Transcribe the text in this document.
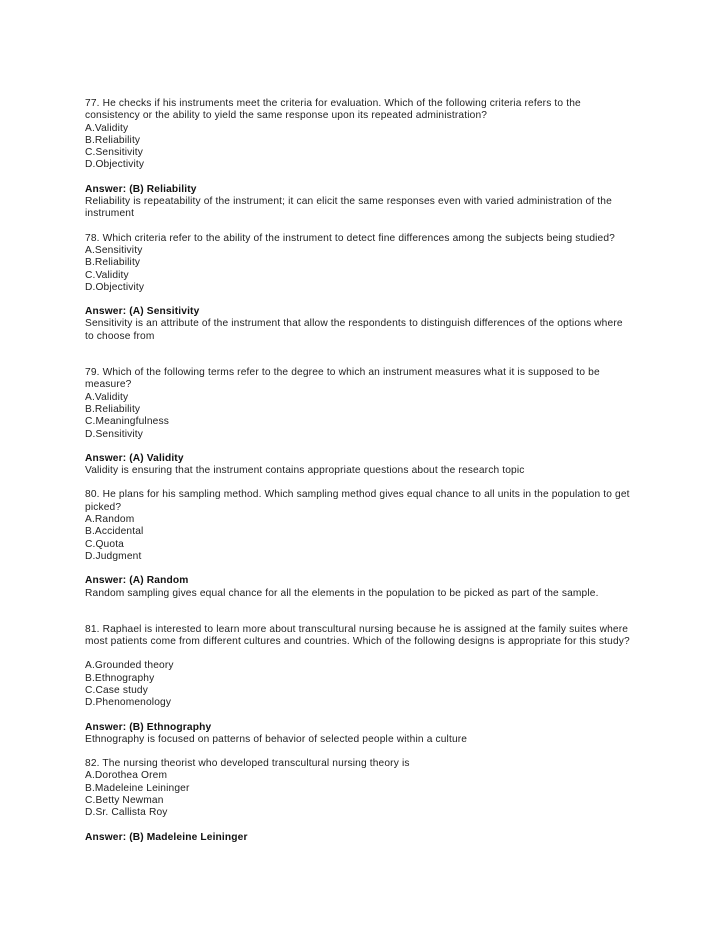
77. He checks if his instruments meet the criteria for evaluation. Which of the following criteria refers to the
consistency or the ability to yield the same response upon its repeated administration?
A.Validity
B.Reliability
C.Sensitivity
D.Objectivity
Answer: (B) Reliability
Reliability is repeatability of the instrument; it can elicit the same responses even with varied administration of the
instrument
78. Which criteria refer to the ability of the instrument to detect fine differences among the subjects being studied?
A.Sensitivity
B.Reliability
C.Validity
D.Objectivity
Answer: (A) Sensitivity
Sensitivity is an attribute of the instrument that allow the respondents to distinguish differences of the options where
to choose from
79. Which of the following terms refer to the degree to which an instrument measures what it is supposed to be
measure?
A.Validity
B.Reliability
C.Meaningfulness
D.Sensitivity
Answer: (A) Validity
Validity is ensuring that the instrument contains appropriate questions about the research topic
80. He plans for his sampling method. Which sampling method gives equal chance to all units in the population to get
picked?
A.Random
B.Accidental
C.Quota
D.Judgment
Answer: (A) Random
Random sampling gives equal chance for all the elements in the population to be picked as part of the sample.
81. Raphael is interested to learn more about transcultural nursing because he is assigned at the family suites where
most patients come from different cultures and countries. Which of the following designs is appropriate for this study?
A.Grounded theory
B.Ethnography
C.Case study
D.Phenomenology
Answer: (B) Ethnography
Ethnography is focused on patterns of behavior of selected people within a culture
82. The nursing theorist who developed transcultural nursing theory is
A.Dorothea Orem
B.Madeleine Leininger
C.Betty Newman
D.Sr. Callista Roy
Answer: (B) Madeleine Leininger
